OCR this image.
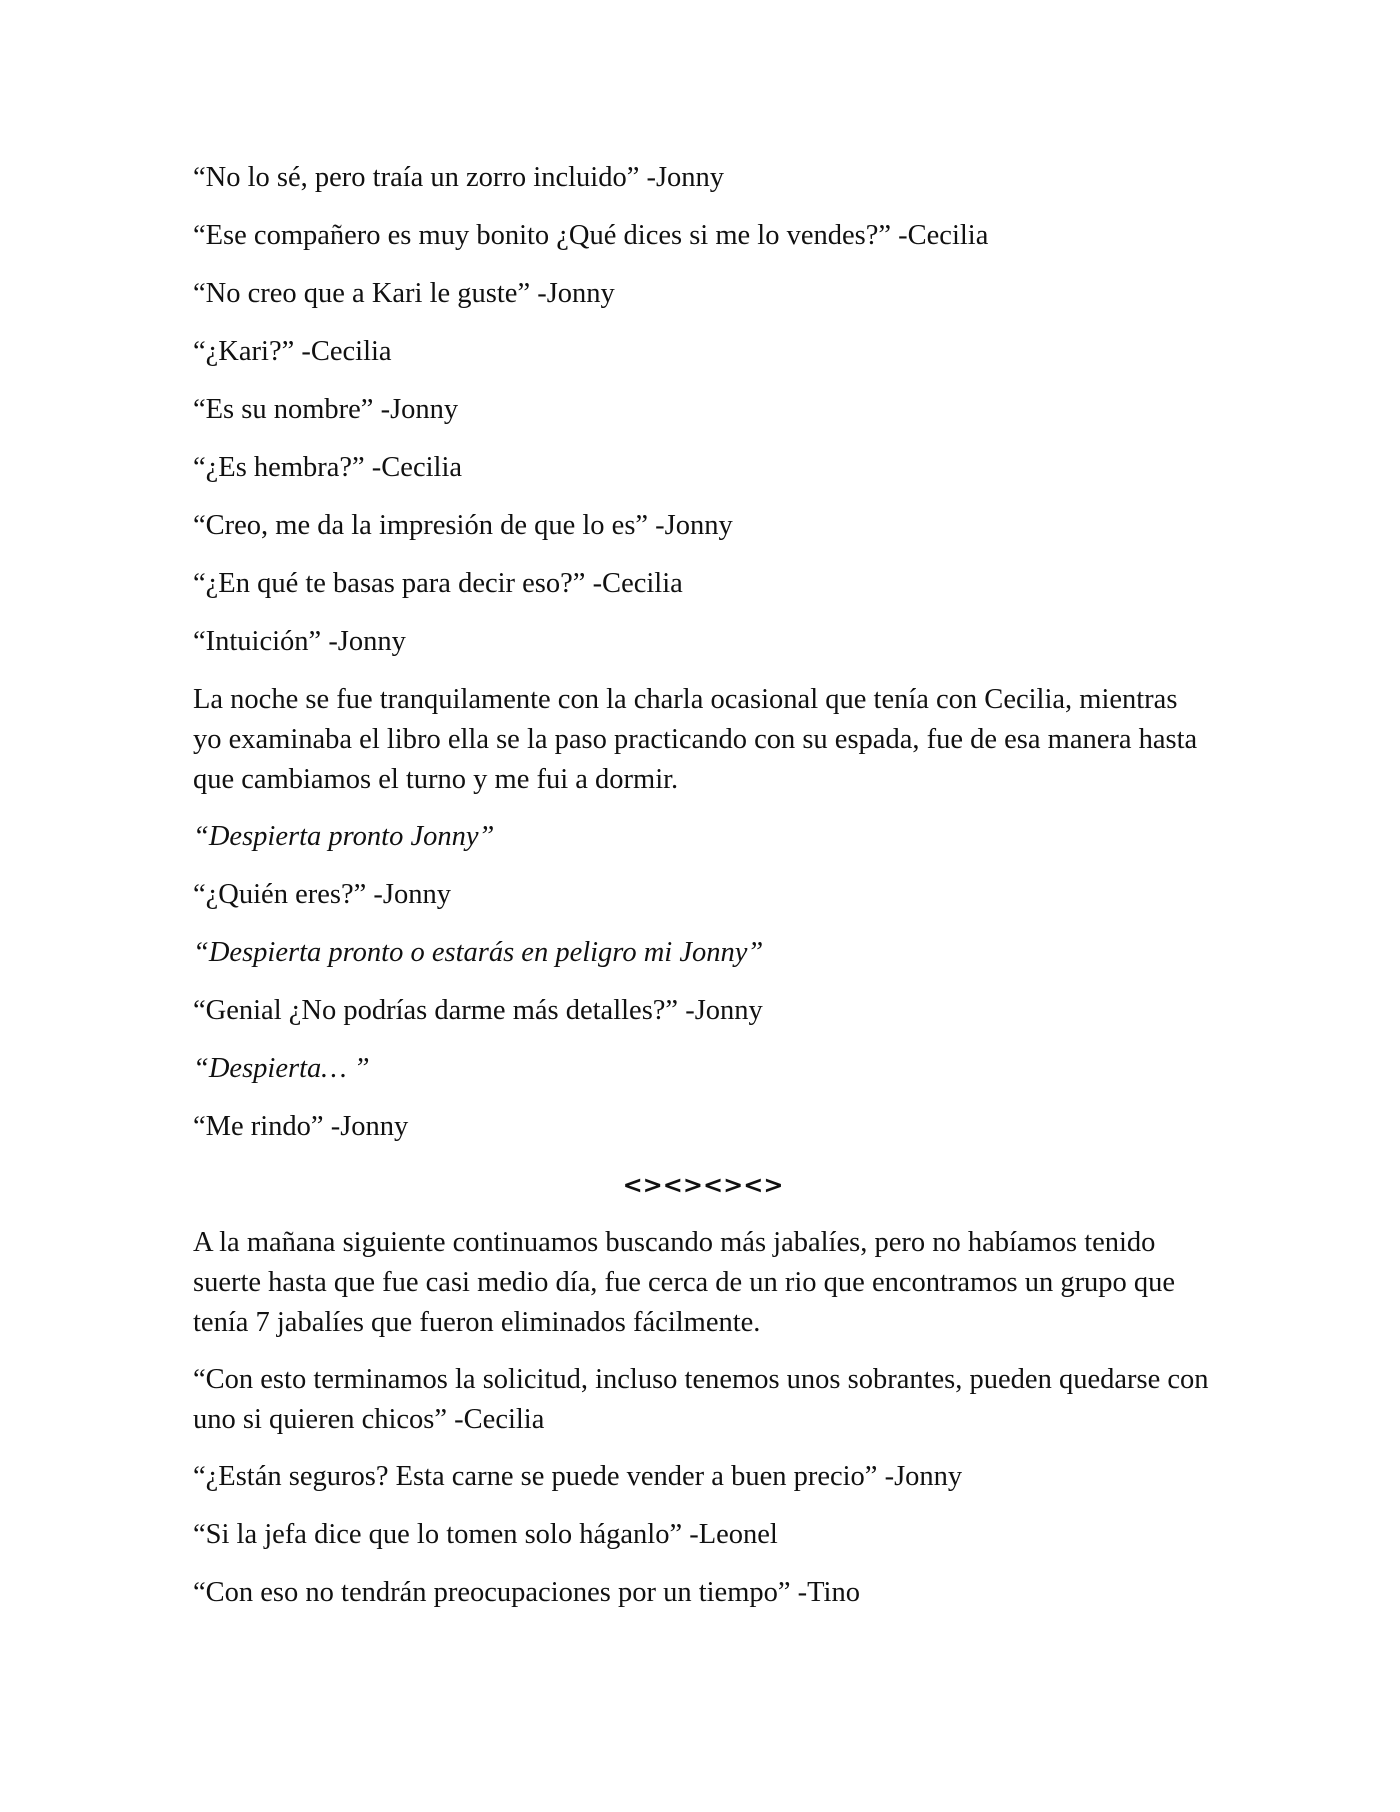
“No lo sé, pero traía un zorro incluido” -Jonny

“Ese compañero es muy bonito ¿Qué dices si me lo vendes?” -Cecilia

“No creo que a Kari le guste” -Jonny

“¿Kari?” -Cecilia

“Es su nombre” -Jonny

“¿Es hembra?” -Cecilia

“Creo, me da la impresión de que lo es” -Jonny

“¿En qué te basas para decir eso?” -Cecilia

“Intuición” -Jonny

La noche se fue tranquilamente con la charla ocasional que tenía con Cecilia, mientras yo examinaba el libro ella se la paso practicando con su espada, fue de esa manera hasta que cambiamos el turno y me fui a dormir.

“Despierta pronto Jonny”

“¿Quién eres?” -Jonny

“Despierta pronto o estarás en peligro mi Jonny”

“Genial ¿No podrías darme más detalles?” -Jonny

“Despierta… ”

“Me rindo” -Jonny

<><><><>

A la mañana siguiente continuamos buscando más jabalíes, pero no habíamos tenido suerte hasta que fue casi medio día, fue cerca de un rio que encontramos un grupo que tenía 7 jabalíes que fueron eliminados fácilmente.

“Con esto terminamos la solicitud, incluso tenemos unos sobrantes, pueden quedarse con uno si quieren chicos” -Cecilia

“¿Están seguros? Esta carne se puede vender a buen precio” -Jonny

“Si la jefa dice que lo tomen solo háganlo” -Leonel

“Con eso no tendrán preocupaciones por un tiempo” -Tino
